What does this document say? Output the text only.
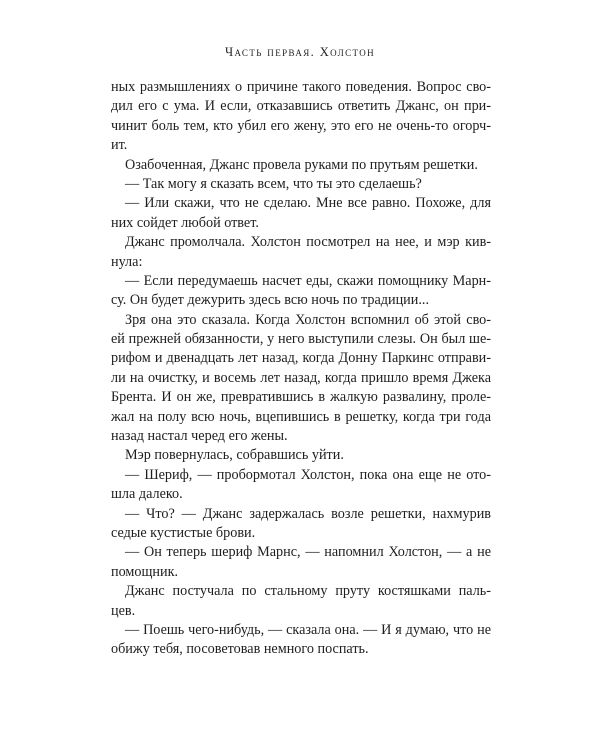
Часть первая. Холстон
ных размышлениях о причине такого поведения. Вопрос сво-
дил его с ума. И если, отказавшись ответить Джанс, он при-
чинит боль тем, кто убил его жену, это его не очень-то огорч-
ит.
Озабоченная, Джанс провела руками по прутьям решетки.
— Так могу я сказать всем, что ты это сделаешь?
— Или скажи, что не сделаю. Мне все равно. Похоже, для
них сойдет любой ответ.
Джанс промолчала. Холстон посмотрел на нее, и мэр кив-
нула:
— Если передумаешь насчет еды, скажи помощнику Марн-
су. Он будет дежурить здесь всю ночь по традиции...
Зря она это сказала. Когда Холстон вспомнил об этой сво-
ей прежней обязанности, у него выступили слезы. Он был ше-
рифом и двенадцать лет назад, когда Донну Паркинс отправи-
ли на очистку, и восемь лет назад, когда пришло время Джека
Брента. И он же, превратившись в жалкую развалину, проле-
жал на полу всю ночь, вцепившись в решетку, когда три года
назад настал черед его жены.
Мэр повернулась, собравшись уйти.
— Шериф, — пробормотал Холстон, пока она еще не ото-
шла далеко.
— Что? — Джанс задержалась возле решетки, нахмурив
седые кустистые брови.
— Он теперь шериф Марнс, — напомнил Холстон, — а не
помощник.
Джанс постучала по стальному пруту костяшками паль-
цев.
— Поешь чего-нибудь, — сказала она. — И я думаю, что не
обижу тебя, посоветовав немного поспать.
